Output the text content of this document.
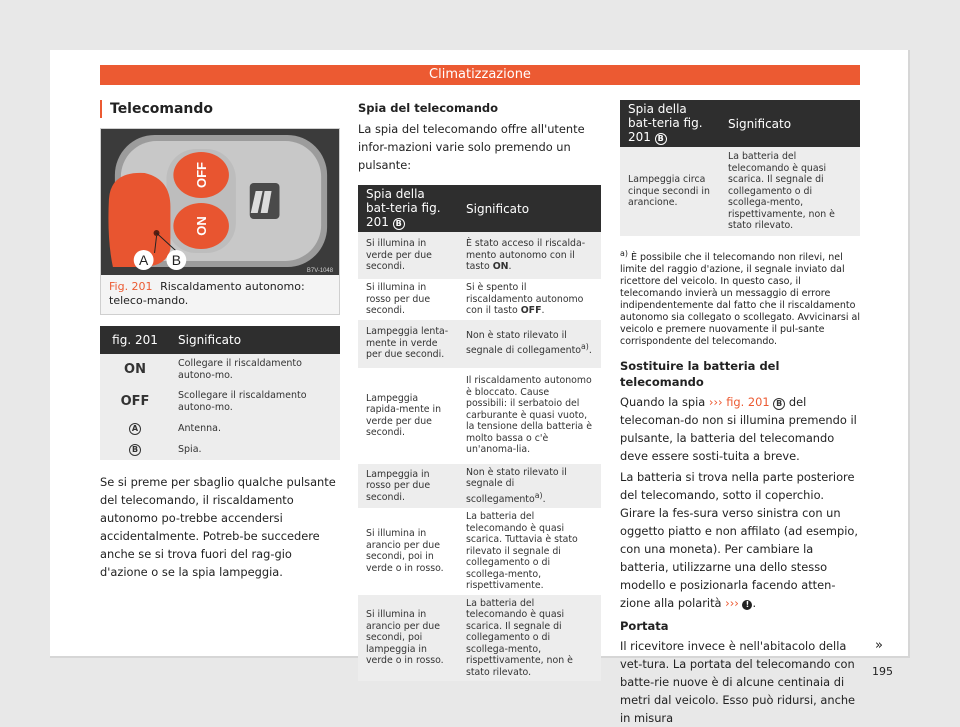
Climatizzazione
Telecomando
OFF
ON
A B
B7V-1048
Fig. 201 Riscaldamento autonomo: teleco-mando.
fig. 201	Significato
ON	Collegare il riscaldamento autono-mo.
OFF	Scollegare il riscaldamento autono-mo.
A	Antenna.
B	Spia.

Se si preme per sbaglio qualche pulsante del telecomando, il riscaldamento autonomo po-trebbe accendersi accidentalmente. Potreb-be succedere anche se si trova fuori del rag-gio d'azione o se la spia lampeggia.

Spia del telecomando

La spia del telecomando offre all'utente infor-mazioni varie solo premendo un pulsante:

Spia della bat-teria fig. 201 B	Significato
Si illumina in verde per due secondi.	È stato acceso il riscalda-mento autonomo con il tasto ON.
Si illumina in rosso per due secondi.	Si è spento il riscaldamento autonomo con il tasto OFF.
Lampeggia lenta-mente in verde per due secondi.	Non è stato rilevato il segnale di collegamento$^{a)}$.
Lampeggia rapida-mente in verde per due secondi.	Il riscaldamento autonomo è bloccato. Cause possibili: il serbatoio del carburante è quasi vuoto, la tensione della batteria è molto bassa o c'è un'anoma-lia.
Lampeggia in rosso per due secondi.	Non è stato rilevato il segnale di scollegamento$^{a)}$.
Si illumina in arancio per due secondi, poi in verde o in rosso.	La batteria del telecomando è quasi scarica. Tuttavia è stato rilevato il segnale di collegamento o di scollega-mento, rispettivamente.
Si illumina in arancio per due secondi, poi lampeggia in verde o in rosso.	La batteria del telecomando è quasi scarica. Il segnale di collegamento o di scollega-mento, rispettivamente, non è stato rilevato.
Spia della bat-teria fig. 201 B	Significato
Lampeggia circa cinque secondi in arancione.	La batteria del telecomando è quasi scarica. Il segnale di collegamento o di scollega-mento, rispettivamente, non è stato rilevato.

$^{a)}$ È possibile che il telecomando non rilevi, nel limite del raggio d'azione, il segnale inviato dal ricettore del veicolo. In questo caso, il telecomando invierà un messaggio di errore indipendentemente dal fatto che il riscaldamento autonomo sia collegato o scollegato. Avvicinarsi al veicolo e premere nuovamente il pul-sante corrispondente del telecomando.

Sostituire la batteria del telecomando

Quando la spia ››› fig. 201 B del telecoman-do non si illumina premendo il pulsante, la batteria del telecomando deve essere sosti-tuita a breve.

La batteria si trova nella parte posteriore del telecomando, sotto il coperchio. Girare la fes-sura verso sinistra con un oggetto piatto e non affilato (ad esempio, con una moneta). Per cambiare la batteria, utilizzarne una dello stesso modello e posizionarla facendo atten-zione alla polarità ››› ! .

Portata

Il ricevitore invece è nell'abitacolo della vet-tura. La portata del telecomando con batte-rie nuove è di alcune centinaia di metri dal veicolo. Esso può ridursi, anche in misura

»
195
